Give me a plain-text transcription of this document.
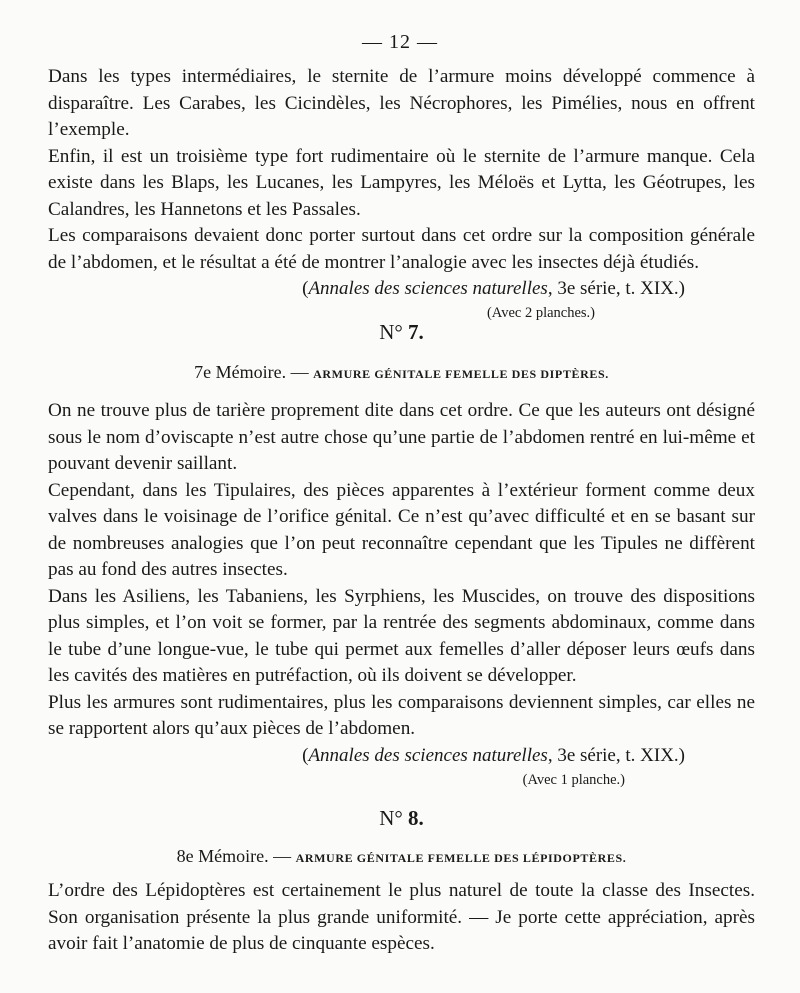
— 12 —

Dans les types intermédiaires, le sternite de l’armure moins développé commence à disparaître. Les Carabes, les Cicindèles, les Nécrophores, les Pimélies, nous en offrent l’exemple.

Enfin, il est un troisième type fort rudimentaire où le sternite de l’armure manque. Cela existe dans les Blaps, les Lucanes, les Lampyres, les Méloës et Lytta, les Géotrupes, les Calandres, les Hannetons et les Passales.

Les comparaisons devaient donc porter surtout dans cet ordre sur la composition générale de l’abdomen, et le résultat a été de montrer l’analogie avec les insectes déjà étudiés.

(Annales des sciences naturelles, 3e série, t. XIX.)

(Avec 2 planches.)

N° 7.

7e Mémoire. — ARMURE GÉNITALE FEMELLE DES DIPTÈRES.

On ne trouve plus de tarière proprement dite dans cet ordre. Ce que les auteurs ont désigné sous le nom d’oviscapte n’est autre chose qu’une partie de l’abdomen rentré en lui-même et pouvant devenir saillant.

Cependant, dans les Tipulaires, des pièces apparentes à l’extérieur forment comme deux valves dans le voisinage de l’orifice génital. Ce n’est qu’avec difficulté et en se basant sur de nombreuses analogies que l’on peut reconnaître cependant que les Tipules ne diffèrent pas au fond des autres insectes.

Dans les Asiliens, les Tabaniens, les Syrphiens, les Muscides, on trouve des dispositions plus simples, et l’on voit se former, par la rentrée des segments abdominaux, comme dans le tube d’une longue-vue, le tube qui permet aux femelles d’aller déposer leurs œufs dans les cavités des matières en putréfaction, où ils doivent se développer.

Plus les armures sont rudimentaires, plus les comparaisons deviennent simples, car elles ne se rapportent alors qu’aux pièces de l’abdomen.

(Annales des sciences naturelles, 3e série, t. XIX.)

(Avec 1 planche.)

N° 8.

8e Mémoire. — ARMURE GÉNITALE FEMELLE DES LÉPIDOPTÈRES.

L’ordre des Lépidoptères est certainement le plus naturel de toute la classe des Insectes. Son organisation présente la plus grande uniformité. — Je porte cette appréciation, après avoir fait l’anatomie de plus de cinquante espèces.
